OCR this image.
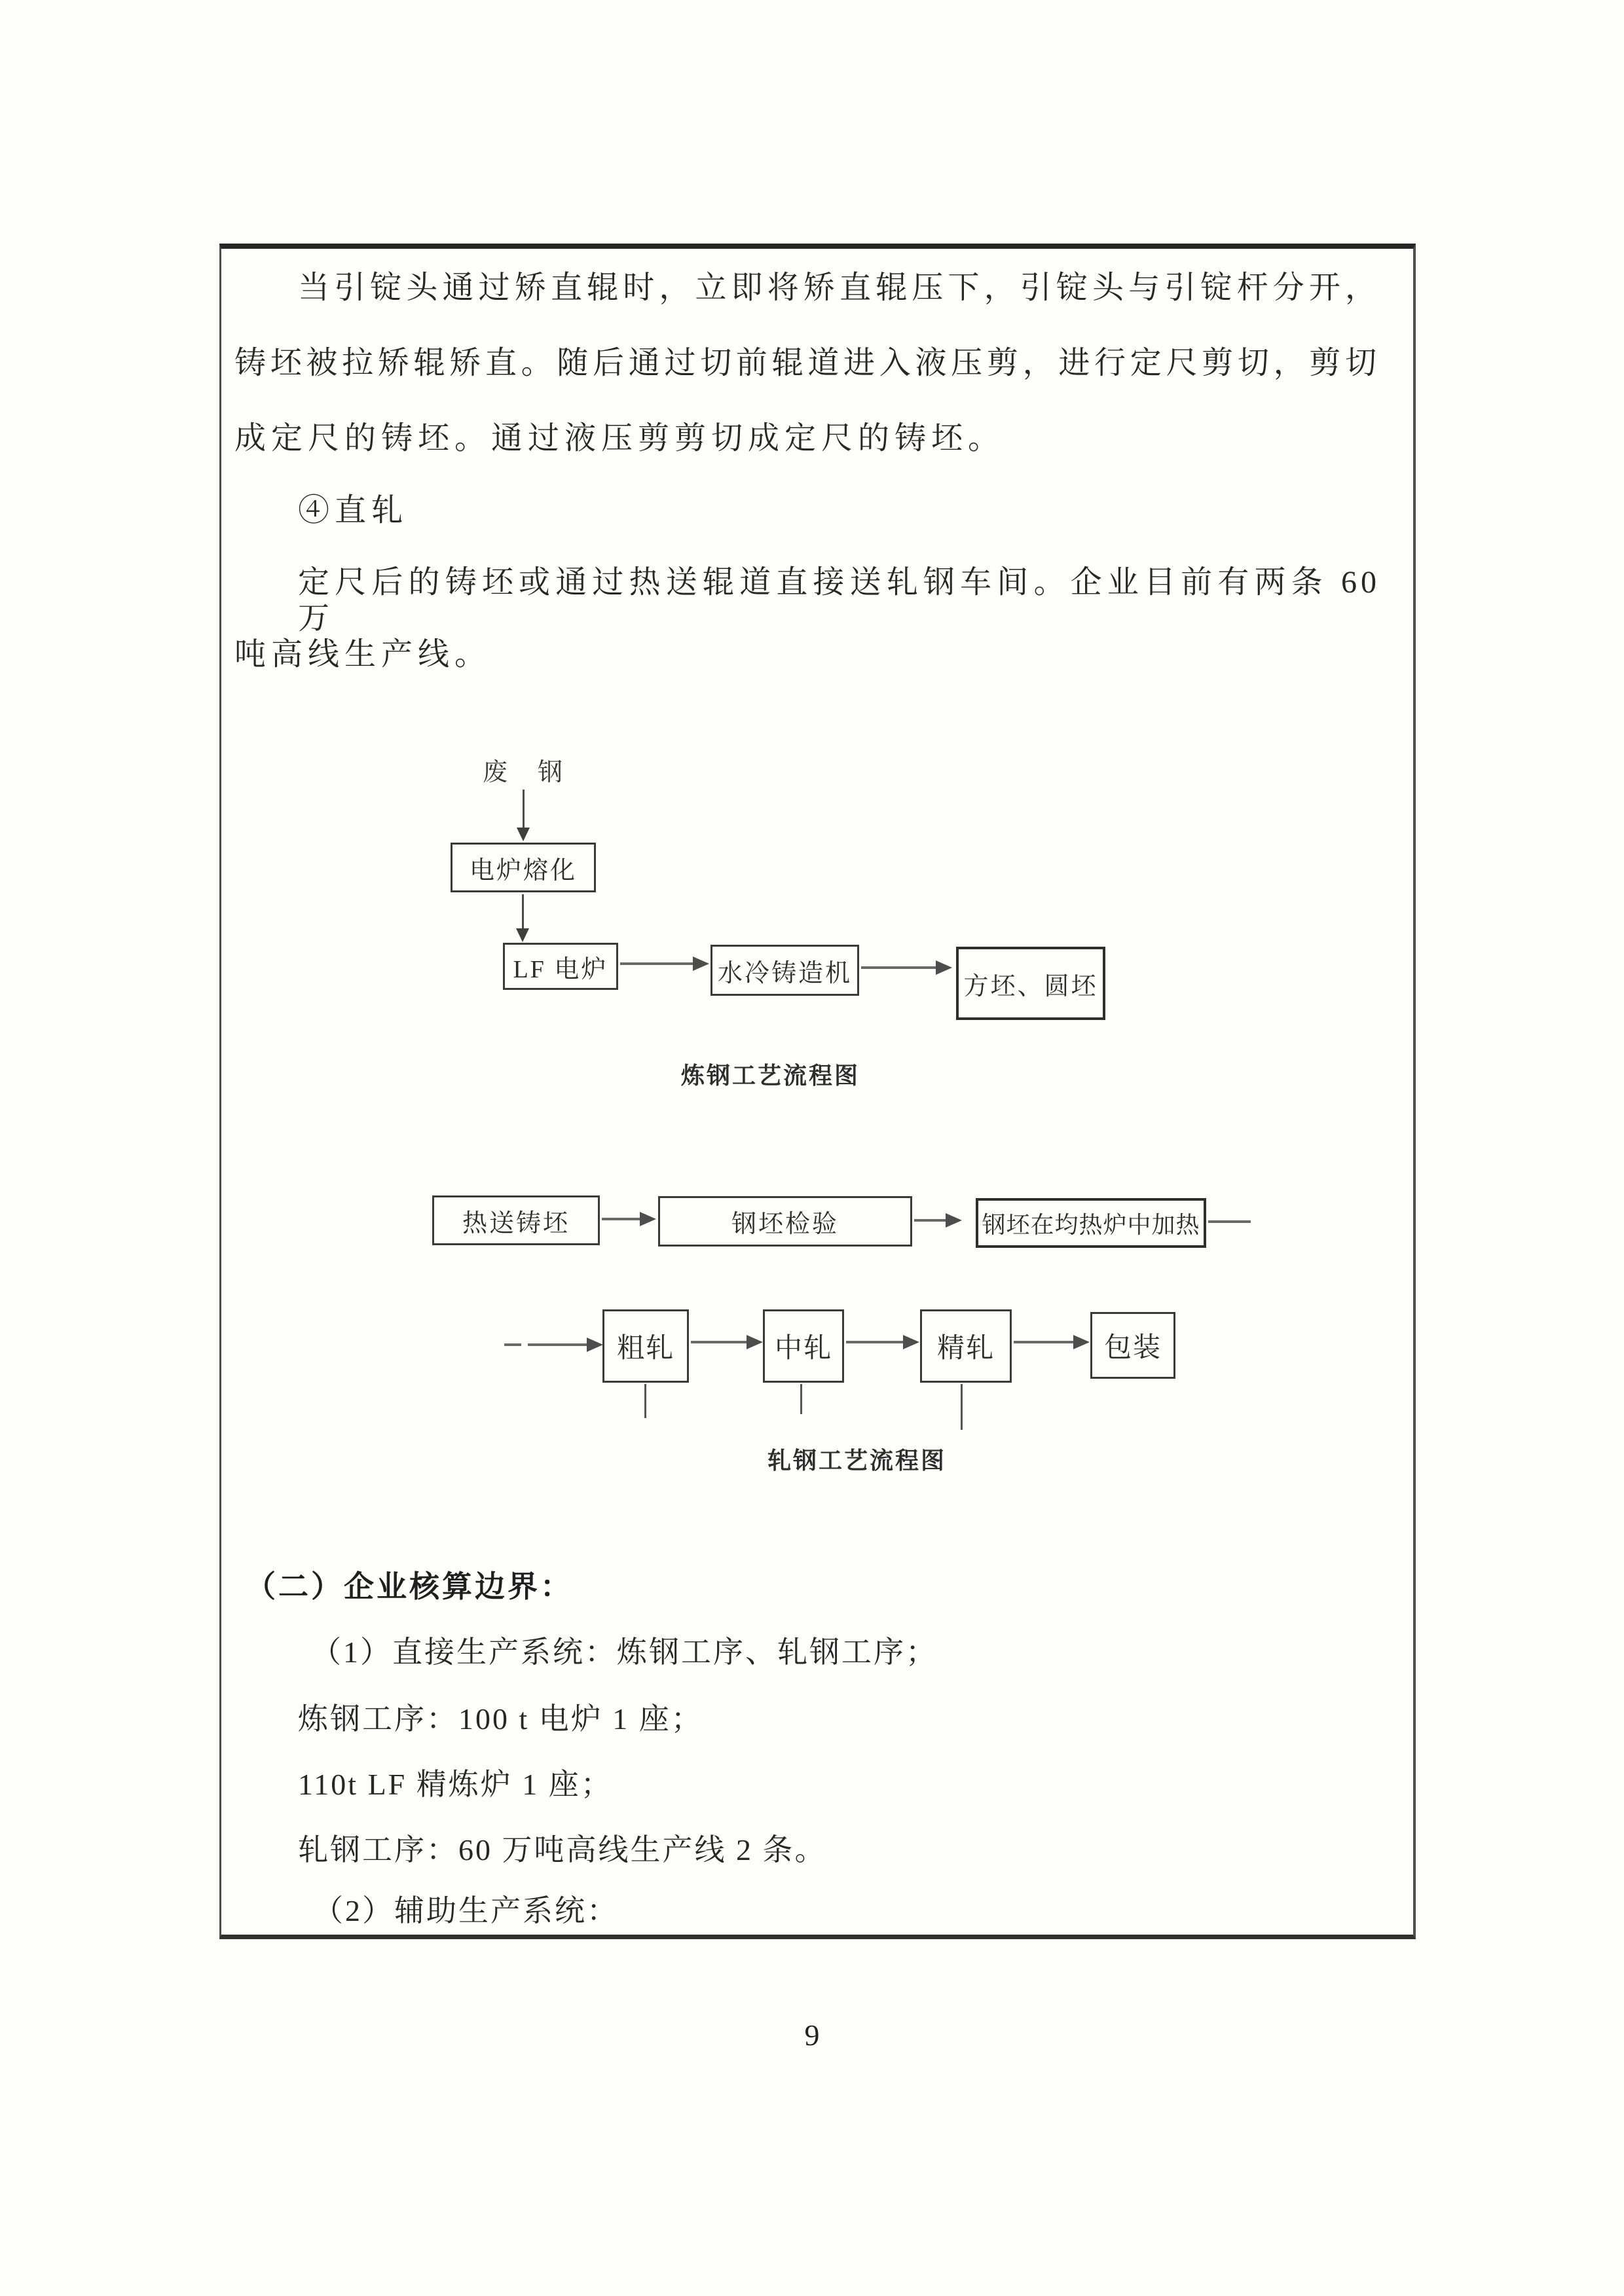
当引锭头通过矫直辊时，立即将矫直辊压下，引锭头与引锭杆分开，
铸坯被拉矫辊矫直。随后通过切前辊道进入液压剪，进行定尺剪切，剪切
成定尺的铸坯。通过液压剪剪切成定尺的铸坯。
④直轧
定尺后的铸坯或通过热送辊道直接送轧钢车间。企业目前有两条 60 万
吨高线生产线。
废　钢
电炉熔化
LF 电炉	水冷铸造机	方坯、圆坯
炼钢工艺流程图
热送铸坯	钢坯检验	钢坯在均热炉中加热
粗轧	中轧	精轧	包装
轧钢工艺流程图
（二）企业核算边界：
（1）直接生产系统：炼钢工序、轧钢工序；
炼钢工序：100 t 电炉 1 座；
110t LF 精炼炉 1 座；
轧钢工序：60 万吨高线生产线 2 条。
（2）辅助生产系统：
9
